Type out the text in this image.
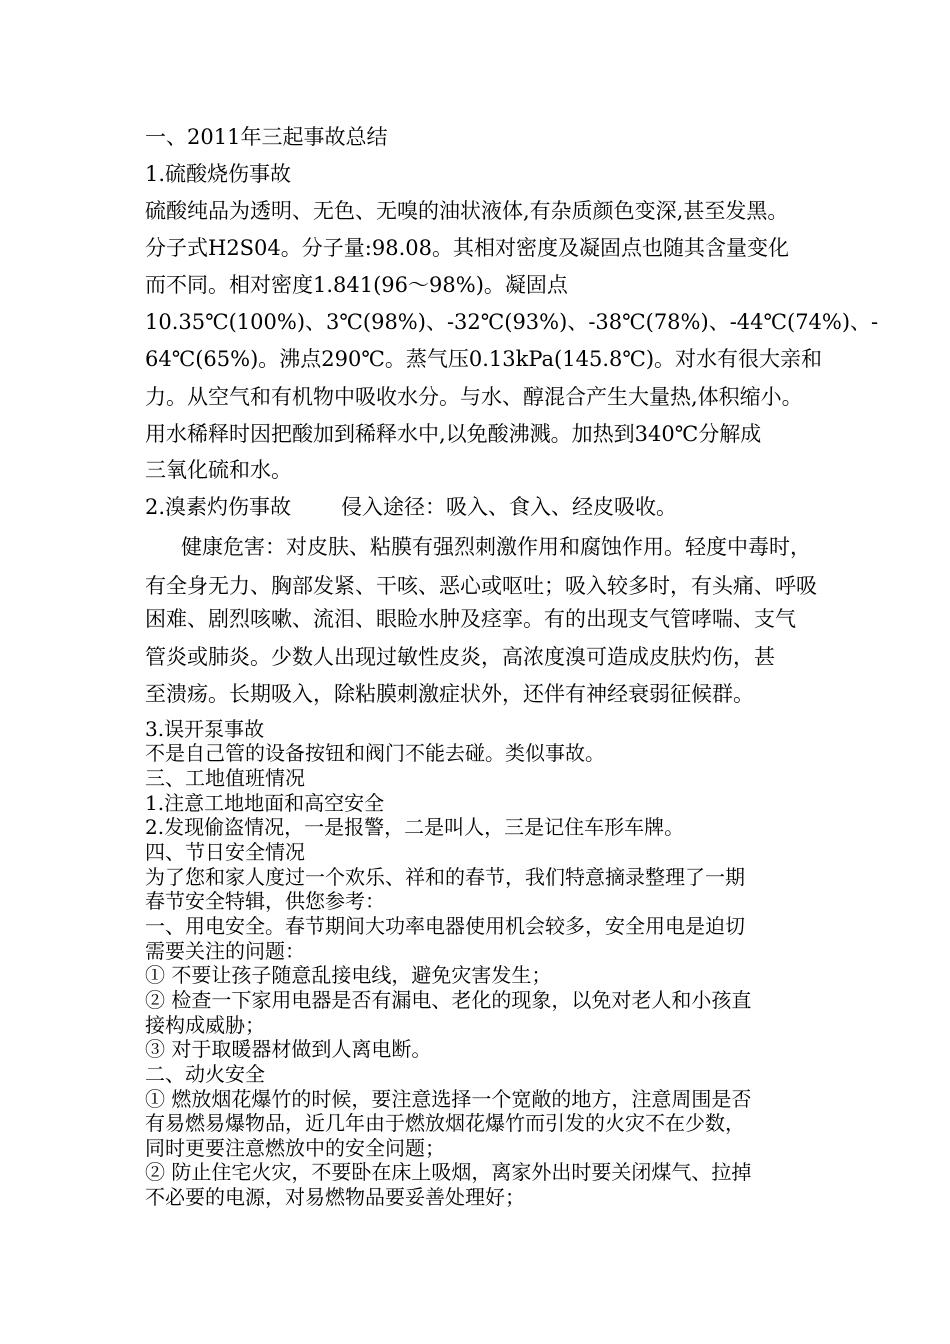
一、2011年三起事故总结
1.硫酸烧伤事故
硫酸纯品为透明、无色、无嗅的油状液体,有杂质颜色变深,甚至发黑。
分子式H2S04。分子量:98.08。其相对密度及凝固点也随其含量变化
而不同。相对密度1.841(96～98%)。凝固点
10.35℃(100%)、3℃(98%)、-32℃(93%)、-38℃(78%)、-44℃(74%)、-
64℃(65%)。沸点290℃。蒸气压0.13kPa(145.8℃)。对水有很大亲和
力。从空气和有机物中吸收水分。与水、醇混合产生大量热,体积缩小。
用水稀释时因把酸加到稀释水中,以免酸沸溅。加热到340℃分解成
三氧化硫和水。
2.溴素灼伤事故 侵入途径：吸入、食入、经皮吸收。
健康危害：对皮肤、粘膜有强烈刺激作用和腐蚀作用。轻度中毒时，
有全身无力、胸部发紧、干咳、恶心或呕吐；吸入较多时，有头痛、呼吸
困难、剧烈咳嗽、流泪、眼睑水肿及痉挛。有的出现支气管哮喘、支气
管炎或肺炎。少数人出现过敏性皮炎，高浓度溴可造成皮肤灼伤，甚
至溃疡。长期吸入，除粘膜刺激症状外，还伴有神经衰弱征候群。
3.误开泵事故
不是自己管的设备按钮和阀门不能去碰。类似事故。
三、工地值班情况
1.注意工地地面和高空安全
2.发现偷盗情况，一是报警，二是叫人，三是记住车形车牌。
四、节日安全情况
为了您和家人度过一个欢乐、祥和的春节，我们特意摘录整理了一期
春节安全特辑，供您参考：
一、用电安全。春节期间大功率电器使用机会较多，安全用电是迫切
需要关注的问题：
① 不要让孩子随意乱接电线，避免灾害发生；
② 检查一下家用电器是否有漏电、老化的现象，以免对老人和小孩直
接构成威胁；
③ 对于取暖器材做到人离电断。
二、动火安全
① 燃放烟花爆竹的时候，要注意选择一个宽敞的地方，注意周围是否
有易燃易爆物品，近几年由于燃放烟花爆竹而引发的火灾不在少数，
同时更要注意燃放中的安全问题；
② 防止住宅火灾，不要卧在床上吸烟，离家外出时要关闭煤气、拉掉
不必要的电源，对易燃物品要妥善处理好；
